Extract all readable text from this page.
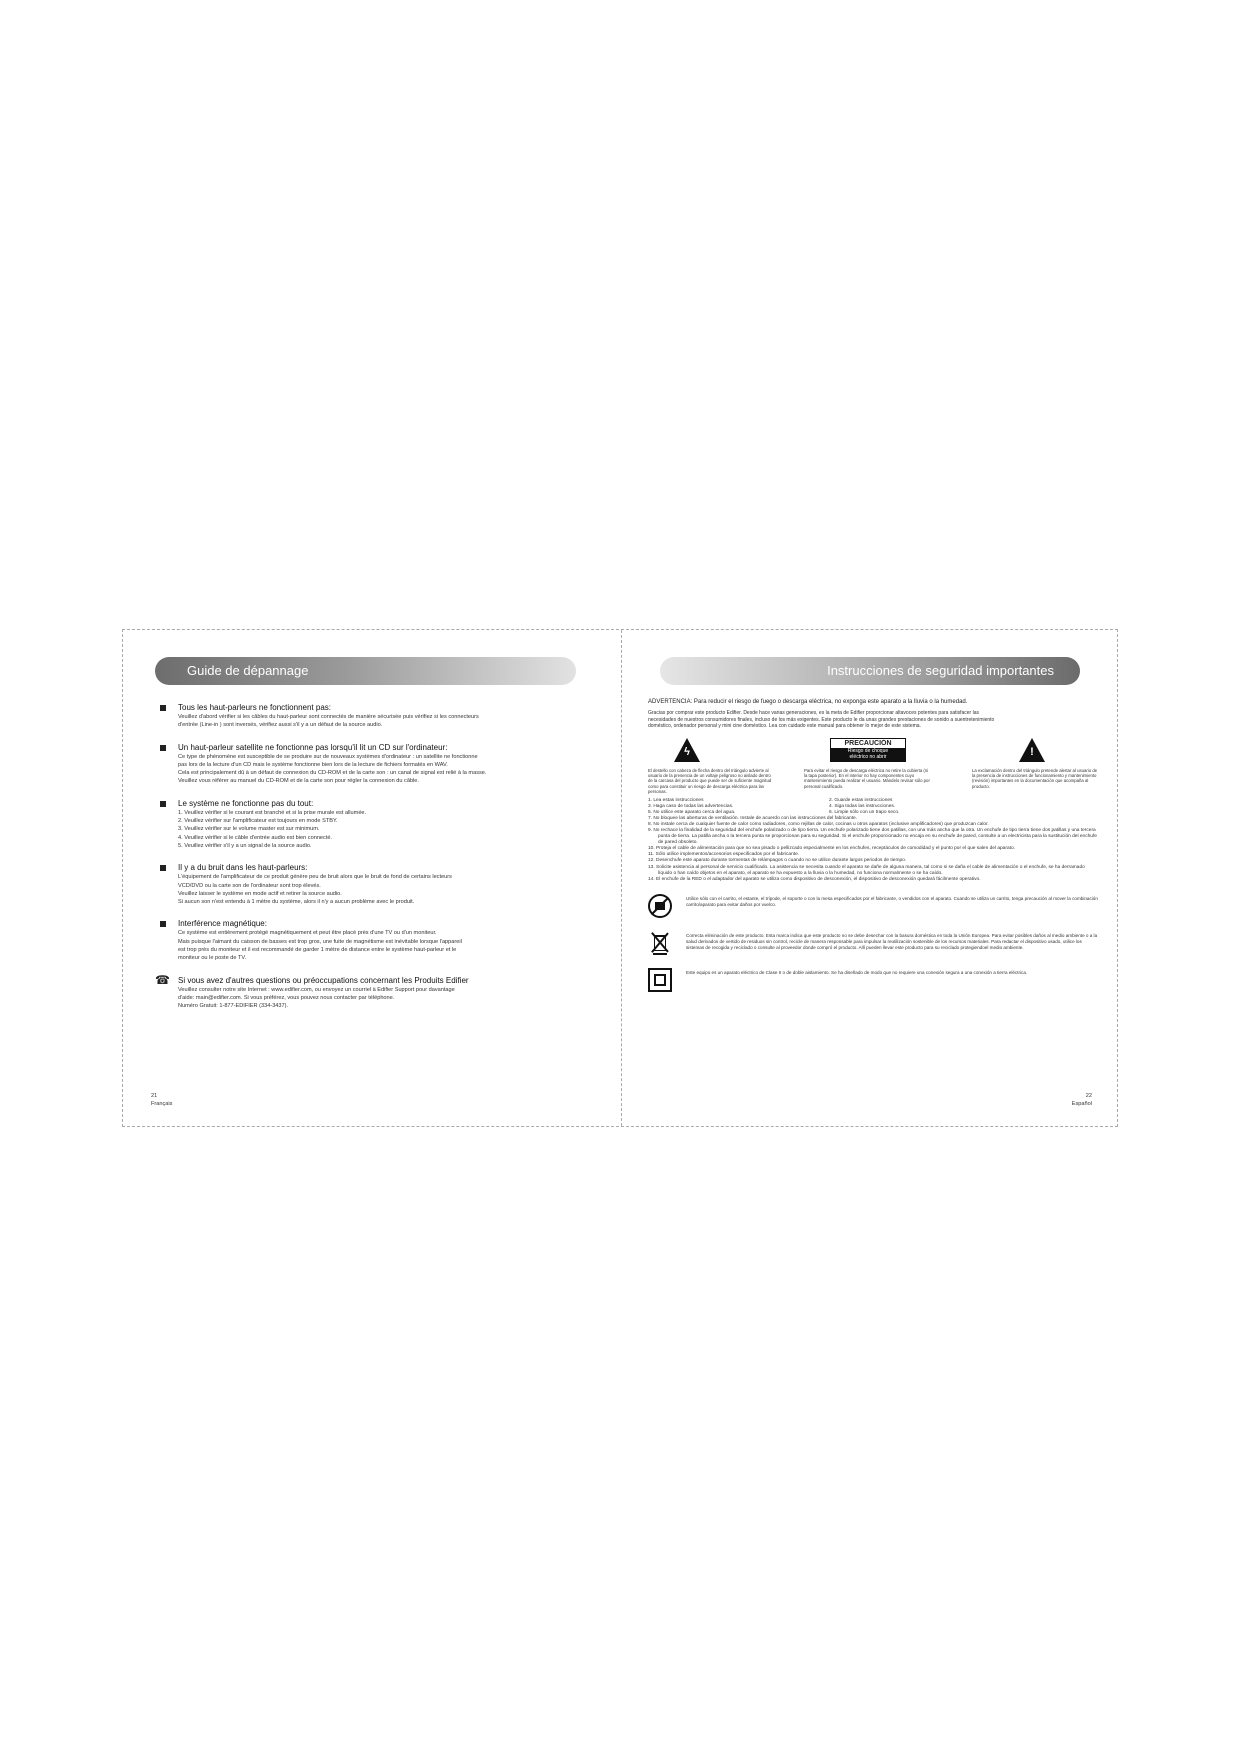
Guide de dépannage
Tous les haut-parleurs ne fonctionnent pas:

Veuillez d'abord vérifier si les câbles du haut-parleur sont connectés de manière sécurisée puis vérifiez si les connecteurs

d'entrée (Line-in ) sont inversés, vérifiez aussi s'il y a un défaut de la source audio.

Un haut-parleur satellite ne fonctionne pas lorsqu'il lit un CD sur l'ordinateur:

Ce type de phénomène est susceptible de se produire sur de nouveaux systèmes d'ordinateur : un satellite ne fonctionne

pas lors de la lecture d'un CD mais le système fonctionne bien lors de la lecture de fichiers formatés en WAV.

Cela est principalement dû à un défaut de connexion du CD-ROM et de la carte son : un canal de signal est relié à la masse.

Veuillez vous référer au manuel du CD-ROM et de la carte son pour régler la connexion du câble.

Le système ne fonctionne pas du tout:

1. Veuillez vérifier si le courant est branché et si la prise murale est allumée.

2. Veuillez vérifier sur l'amplificateur est toujours en mode STBY.

3. Veuillez vérifier sur le volume master est sur minimum.

4. Veuillez vérifier si le câble d'entrée audio est bien connecté.

5. Veuillez vérifier s'il y a un signal de la source audio.

Il y a du bruit dans les haut-parleurs:

L'équipement de l'amplificateur de ce produit génère peu de bruit alors que le bruit de fond de certains lecteurs

VCD/DVD ou la carte son de l'ordinateur sont trop élevés.

Veuillez laisser le système en mode actif et retirer la source audio.

Si aucun son n'est entendu à 1 mètre du système, alors il n'y a aucun problème avec le produit.

Interférence magnétique:

Ce système est entièrement protégé magnétiquement et peut être placé près d'une TV ou d'un moniteur.

Mais puisque l'aimant du caisson de basses est trop gros, une fuite de magnétisme est inévitable lorsque l'appareil

est trop près du moniteur et il est recommandé de garder 1 mètre de distance entre le système haut-parleur et le

moniteur ou le poste de TV.

☎ Si vous avez d'autres questions ou préoccupations concernant les Produits Edifier

Veuillez consulter notre site Internet : www.edifier.com, ou envoyez un courriel à Edifier Support pour davantage

d'aide: main@edifier.com. Si vous préférez, vous pouvez nous contacter par téléphone.

Numéro Gratuit: 1-877-EDIFIER (334-3437).

21
Français
Instrucciones de seguridad importantes

ADVERTENCIA: Para reducir el riesgo de fuego o descarga eléctrica, no exponga este aparato a la lluvia o la humedad.

Gracias por comprar este producto Edifier. Desde hace varias generaciones, es la meta de Edifier proporcionar altavoces potentes para satisfacer las

necesidades de nuestros consumidores finales, incluso de los más exigentes. Este producto le da unas grandes prestaciones de sonido a suentretenimiento

doméstico, ordenador personal y mini cine doméstico. Lea con cuidado este manual para obtener lo mejor de este sistema.

ϟ
PRECAUCIÓN
Riesgo de choque
eléctrico no abrir	!
El destello con cabeza de flecha dentro del triángulo advierte al usuario de la presencia de un voltaje peligroso no aislado dentro de la carcasa del producto que puede ser de suficiente magnitud como para constituir un riesgo de descarga eléctrica para las personas.
Para evitar el riesgo de descarga eléctrica no retire la cubierta (ni la tapa posterior). En el interior no hay componentes cuyo mantenimiento pueda realizar el usuario. Mándelo revisar sólo por personal cualificado.
La exclamación dentro del triángulo pretende alertar al usuario de la presencia de instrucciones de funcionamiento y mantenimiento (revisión) importantes en la documentación que acompaña al producto.
1. Lea estas instrucciones	2. Guarde estas instrucciones
3. Haga caso de todas las advertencias.	4. Siga todas las instrucciones.
5. No utilice este aparato cerca del agua.	6. Limpie sólo con un trapo seco.
7. No bloquee las aberturas de ventilación. Instale de acuerdo con las instrucciones del fabricante.
8. No instale cerca de cualquier fuente de calor como radiadores, como rejillas de calor, cocinas u otros aparatos (inclusive amplificadores) que produzcan calor.
9. No rechace la finalidad de la seguridad del enchufe polarizado o de tipo tierra. Un enchufe polarizado tiene dos patillas, con una más ancha que la otra. Un enchufe de tipo tierra tiene dos patillas y una tercera punta de tierra. La patilla ancha o la tercera punta se proporcionan para su seguridad. Si el enchufe proporcionado no encaja en su enchufe de pared, consulte a un electricista para la sustitución del enchufe de pared obsoleto.
10. Proteja el cable de alimentación para que no sea pisado o pellizcado especialmente en los enchufes, receptáculos de comodidad y el punto por el que salen del aparato.
11. Sólo utilice implementos/accesorios especificados por el fabricante.
12. Desenchufe este aparato durante tormentas de relámpagos o cuando no se utilice durante largos periodos de tiempo.
13. Solicite asistencia al personal de servicio cualificado. La asistencia se necesita cuando el aparato se dañe de alguna manera, tal como si se daña el cable de alimentación o el enchufe, se ha derramado líquido o han caído objetos en el aparato, el aparato se ha expuesto a la lluvia o la humedad, no funciona normalmente o se ha caído.
14. El enchufe de la RED o el adaptador del aparato se utiliza como dispositivo de desconexión, el dispositivo de desconexión quedará fácilmente operativo.
Utilice sólo con el carrito, el estante, el trípode, el soporte o con la mesa especificados por el fabricante, o vendidos con el aparato. Cuando se utiliza un carrito, tenga precaución al mover la combinación carrito/aparato para evitar daños por vuelco.
Correcta eliminación de este producto. Esta marca indica que este producto no se debe desechar con la basura doméstica en toda la Unión Europea. Para evitar posibles daños al medio ambiente o a la salud derivados de vertido de residuos sin control, recicle de manera responsable para impulsar la reutilización sostenible de los recursos materiales. Para redactar el dispositivo usado, utilice los sistemas de recogida y reciclado o consulte al proveedor donde compró el producto. Allí pueden llevar este producto para su reciclado protegiendoel medio ambiente.
Este equipo es un aparato eléctrico de Clase II o de doble aislamiento. Se ha diseñado de modo que no requiere una conexión segura a una conexión a tierra eléctrica.
22
Español
